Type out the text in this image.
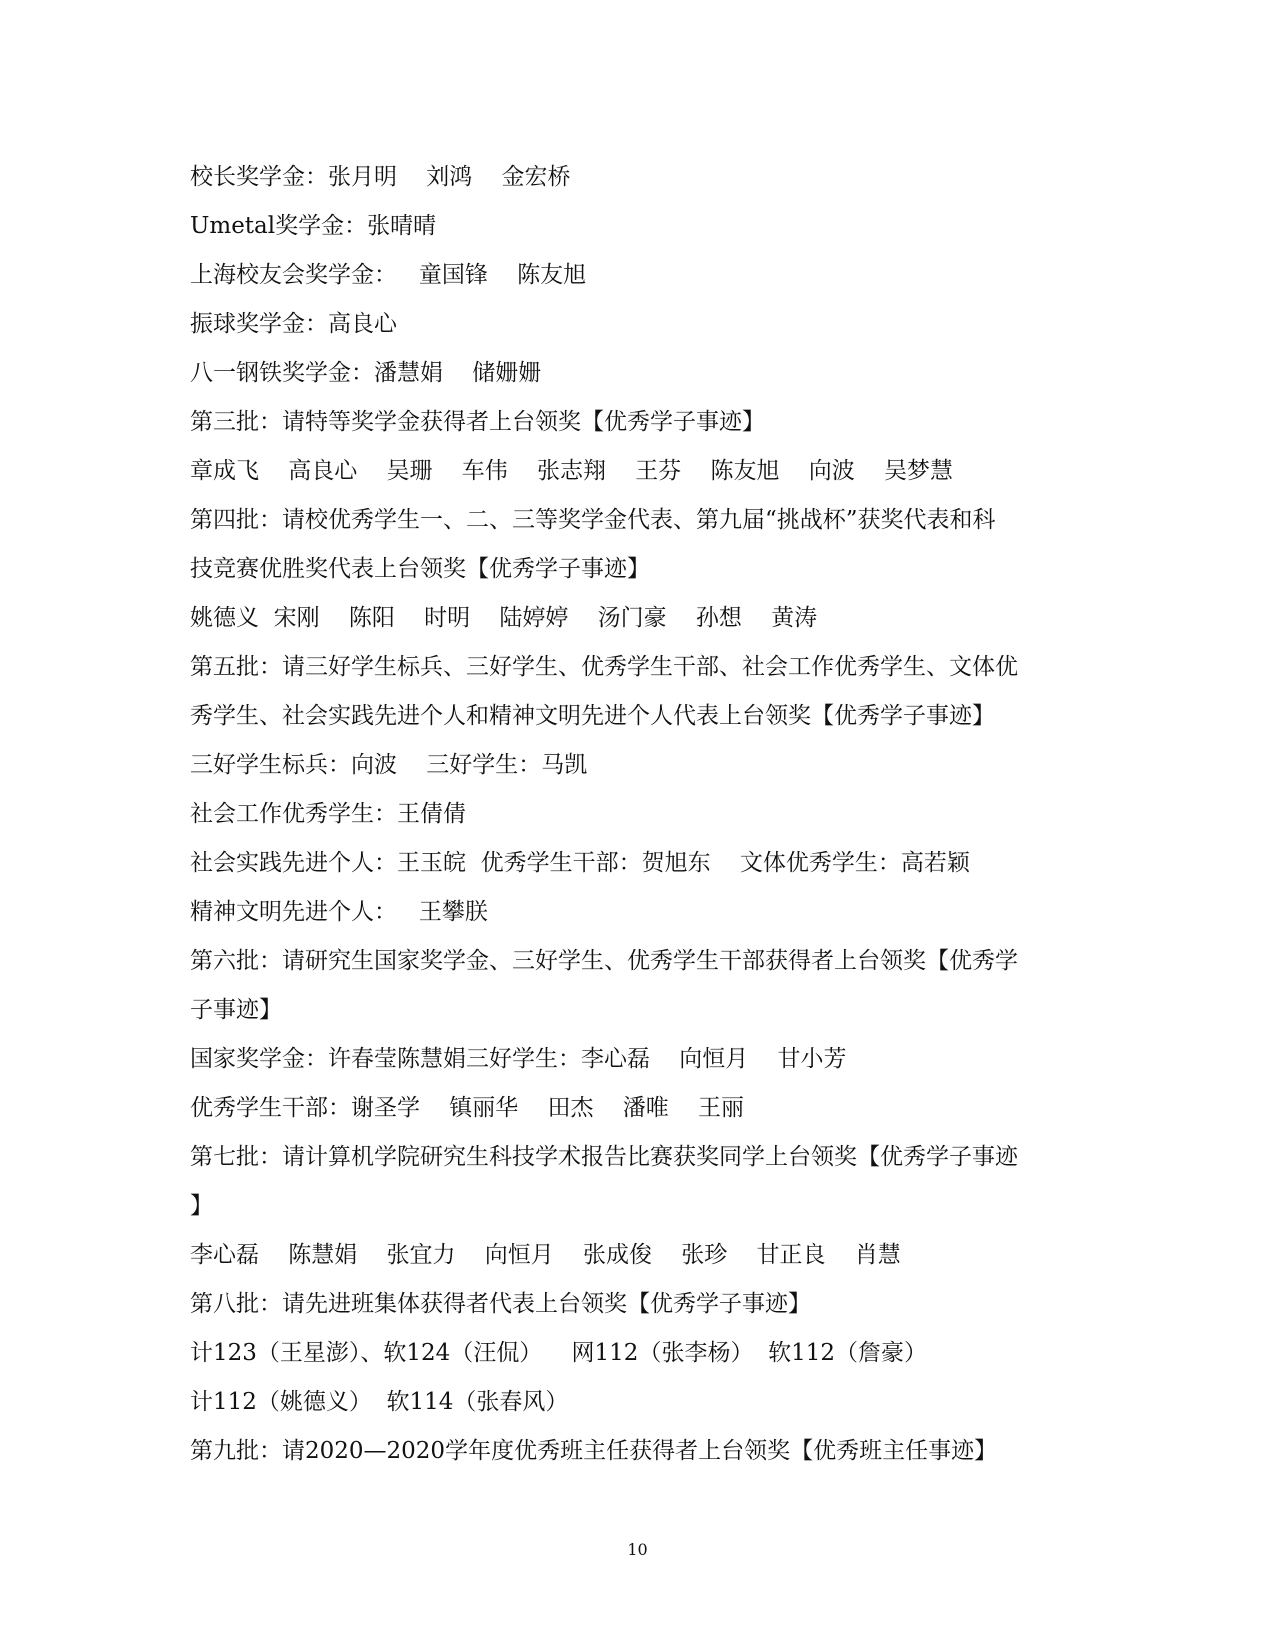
校长奖学金：张月明    刘鸿    金宏桥
Umetal奖学金：张晴晴
上海校友会奖学金：   童国锋    陈友旭
振球奖学金：高良心
八一钢铁奖学金：潘慧娟    储姗姗
第三批：请特等奖学金获得者上台领奖【优秀学子事迹】
章成飞    高良心    吴珊    车伟    张志翔    王芬    陈友旭    向波    吴梦慧
第四批：请校优秀学生一、二、三等奖学金代表、第九届“挑战杯”获奖代表和科
技竞赛优胜奖代表上台领奖【优秀学子事迹】
姚德义  宋刚    陈阳    时明    陆婷婷    汤门豪    孙想    黄涛
第五批：请三好学生标兵、三好学生、优秀学生干部、社会工作优秀学生、文体优
秀学生、社会实践先进个人和精神文明先进个人代表上台领奖【优秀学子事迹】
三好学生标兵：向波    三好学生：马凯
社会工作优秀学生：王倩倩
社会实践先进个人：王玉皖  优秀学生干部：贺旭东    文体优秀学生：高若颖
精神文明先进个人：   王攀朕
第六批：请研究生国家奖学金、三好学生、优秀学生干部获得者上台领奖【优秀学
子事迹】
国家奖学金：许春莹陈慧娟三好学生：李心磊    向恒月    甘小芳
优秀学生干部：谢圣学    镇丽华    田杰    潘唯    王丽
第七批：请计算机学院研究生科技学术报告比赛获奖同学上台领奖【优秀学子事迹
】
李心磊    陈慧娟    张宜力    向恒月    张成俊    张珍    甘正良    肖慧
第八批：请先进班集体获得者代表上台领奖【优秀学子事迹】
计123（王星澎）、软124（汪侃）    网112（张李杨）  软112（詹豪）
计112（姚德义）  软114（张春风）
第九批：请2020—2020学年度优秀班主任获得者上台领奖【优秀班主任事迹】
10
